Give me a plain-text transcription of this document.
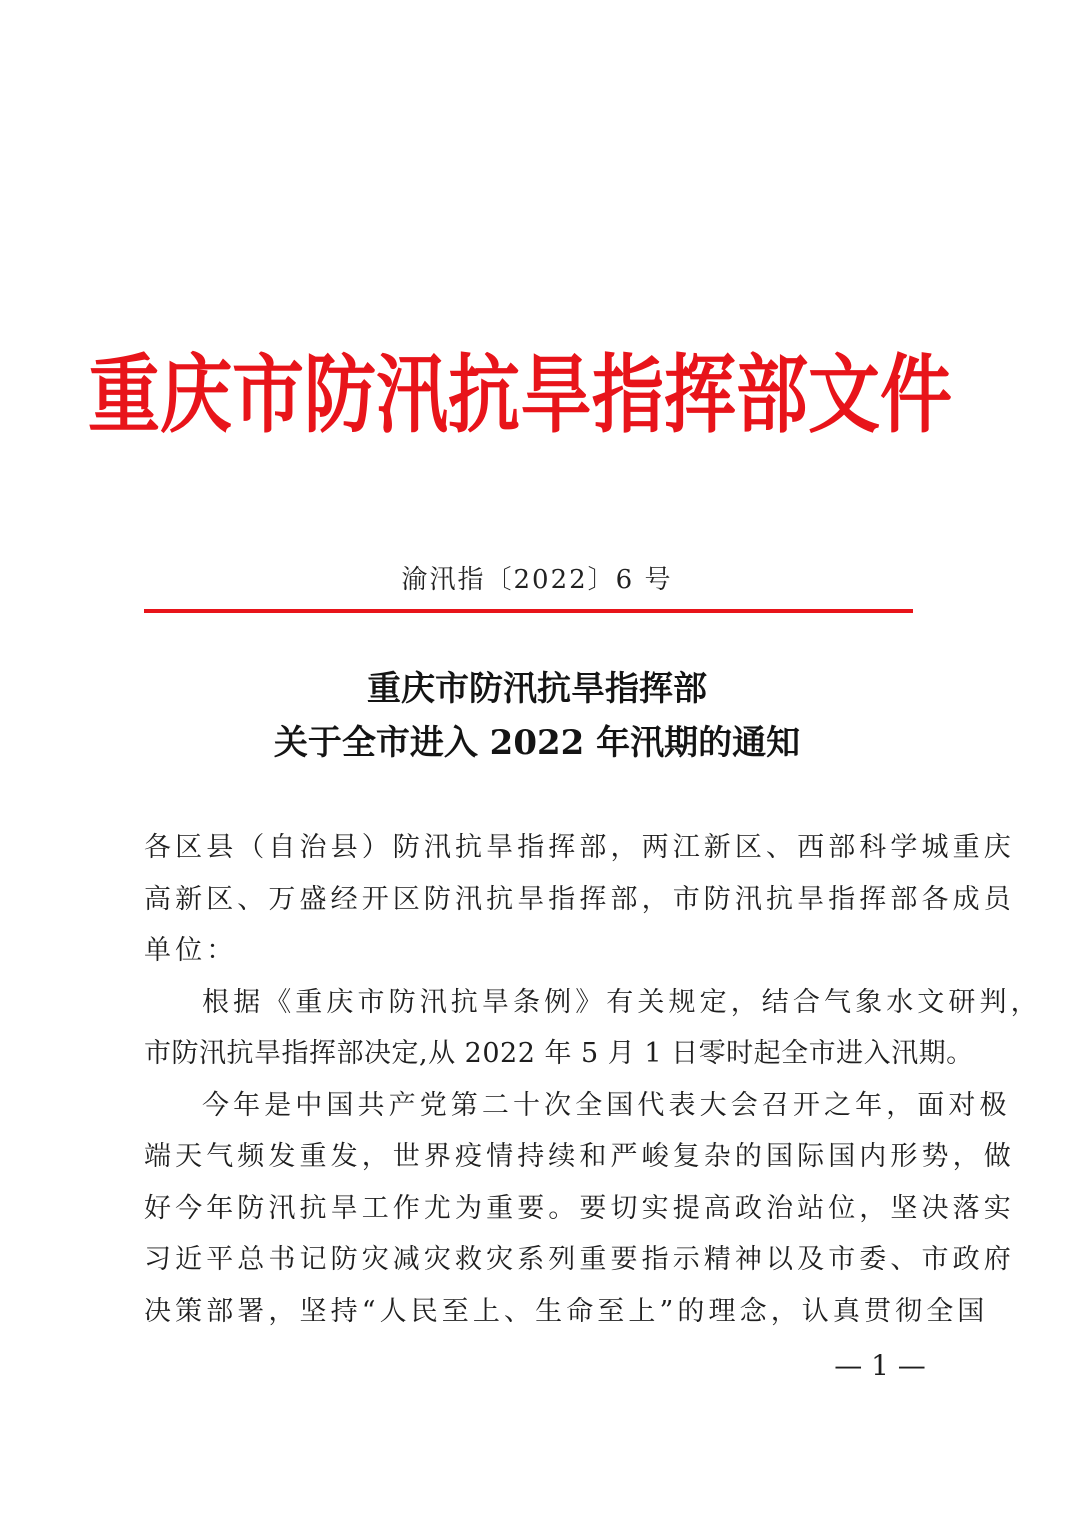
重庆市防汛抗旱指挥部文件
渝汛指〔2022〕6 号
重庆市防汛抗旱指挥部
关于全市进入 2022 年汛期的通知
各区县（自治县）防汛抗旱指挥部，两江新区、西部科学城重庆
高新区、万盛经开区防汛抗旱指挥部，市防汛抗旱指挥部各成员
单位：
根据《重庆市防汛抗旱条例》有关规定，结合气象水文研判，
市防汛抗旱指挥部决定,从 2022 年 5 月 1 日零时起全市进入汛期。
今年是中国共产党第二十次全国代表大会召开之年，面对极
端天气频发重发，世界疫情持续和严峻复杂的国际国内形势，做
好今年防汛抗旱工作尤为重要。要切实提高政治站位，坚决落实
习近平总书记防灾减灾救灾系列重要指示精神以及市委、市政府
决策部署，坚持“人民至上、生命至上”的理念，认真贯彻全国
— 1 —
